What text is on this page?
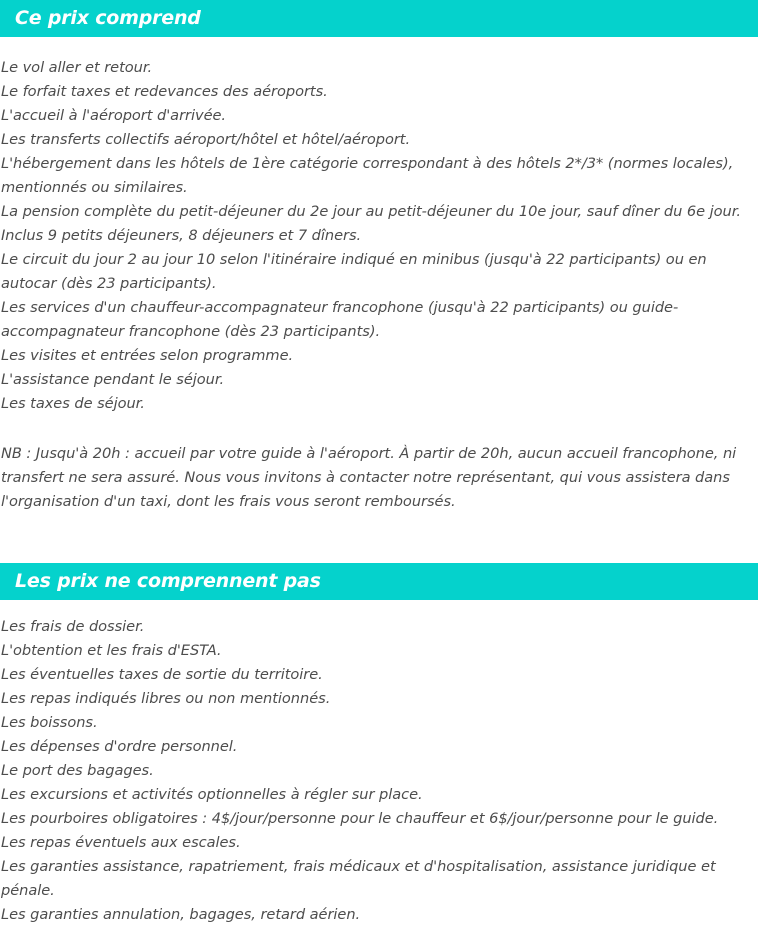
Ce prix comprend

Le vol aller et retour.

Le forfait taxes et redevances des aéroports.

L'accueil à l'aéroport d'arrivée.

Les transferts collectifs aéroport/hôtel et hôtel/aéroport.

L'hébergement dans les hôtels de 1ère catégorie correspondant à des hôtels 2*/3* (normes locales), mentionnés ou similaires.

La pension complète du petit-déjeuner du 2e jour au petit-déjeuner du 10e jour, sauf dîner du 6e jour. Inclus 9 petits déjeuners, 8 déjeuners et 7 dîners.

Le circuit du jour 2 au jour 10 selon l'itinéraire indiqué en minibus (jusqu'à 22 participants) ou en autocar (dès 23 participants).

Les services d'un chauffeur-accompagnateur francophone (jusqu'à 22 participants) ou guide-accompagnateur francophone (dès 23 participants).

Les visites et entrées selon programme.

L'assistance pendant le séjour.

Les taxes de séjour.

NB : Jusqu'à 20h : accueil par votre guide à l'aéroport. À partir de 20h, aucun accueil francophone, ni transfert ne sera assuré. Nous vous invitons à contacter notre représentant, qui vous assistera dans l'organisation d'un taxi, dont les frais vous seront remboursés.

Les prix ne comprennent pas

Les frais de dossier.

L'obtention et les frais d'ESTA.

Les éventuelles taxes de sortie du territoire.

Les repas indiqués libres ou non mentionnés.

Les boissons.

Les dépenses d'ordre personnel.

Le port des bagages.

Les excursions et activités optionnelles à régler sur place.

Les pourboires obligatoires : 4$/jour/personne pour le chauffeur et 6$/jour/personne pour le guide.

Les repas éventuels aux escales.

Les garanties assistance, rapatriement, frais médicaux et d'hospitalisation, assistance juridique et pénale.

Les garanties annulation, bagages, retard aérien.
